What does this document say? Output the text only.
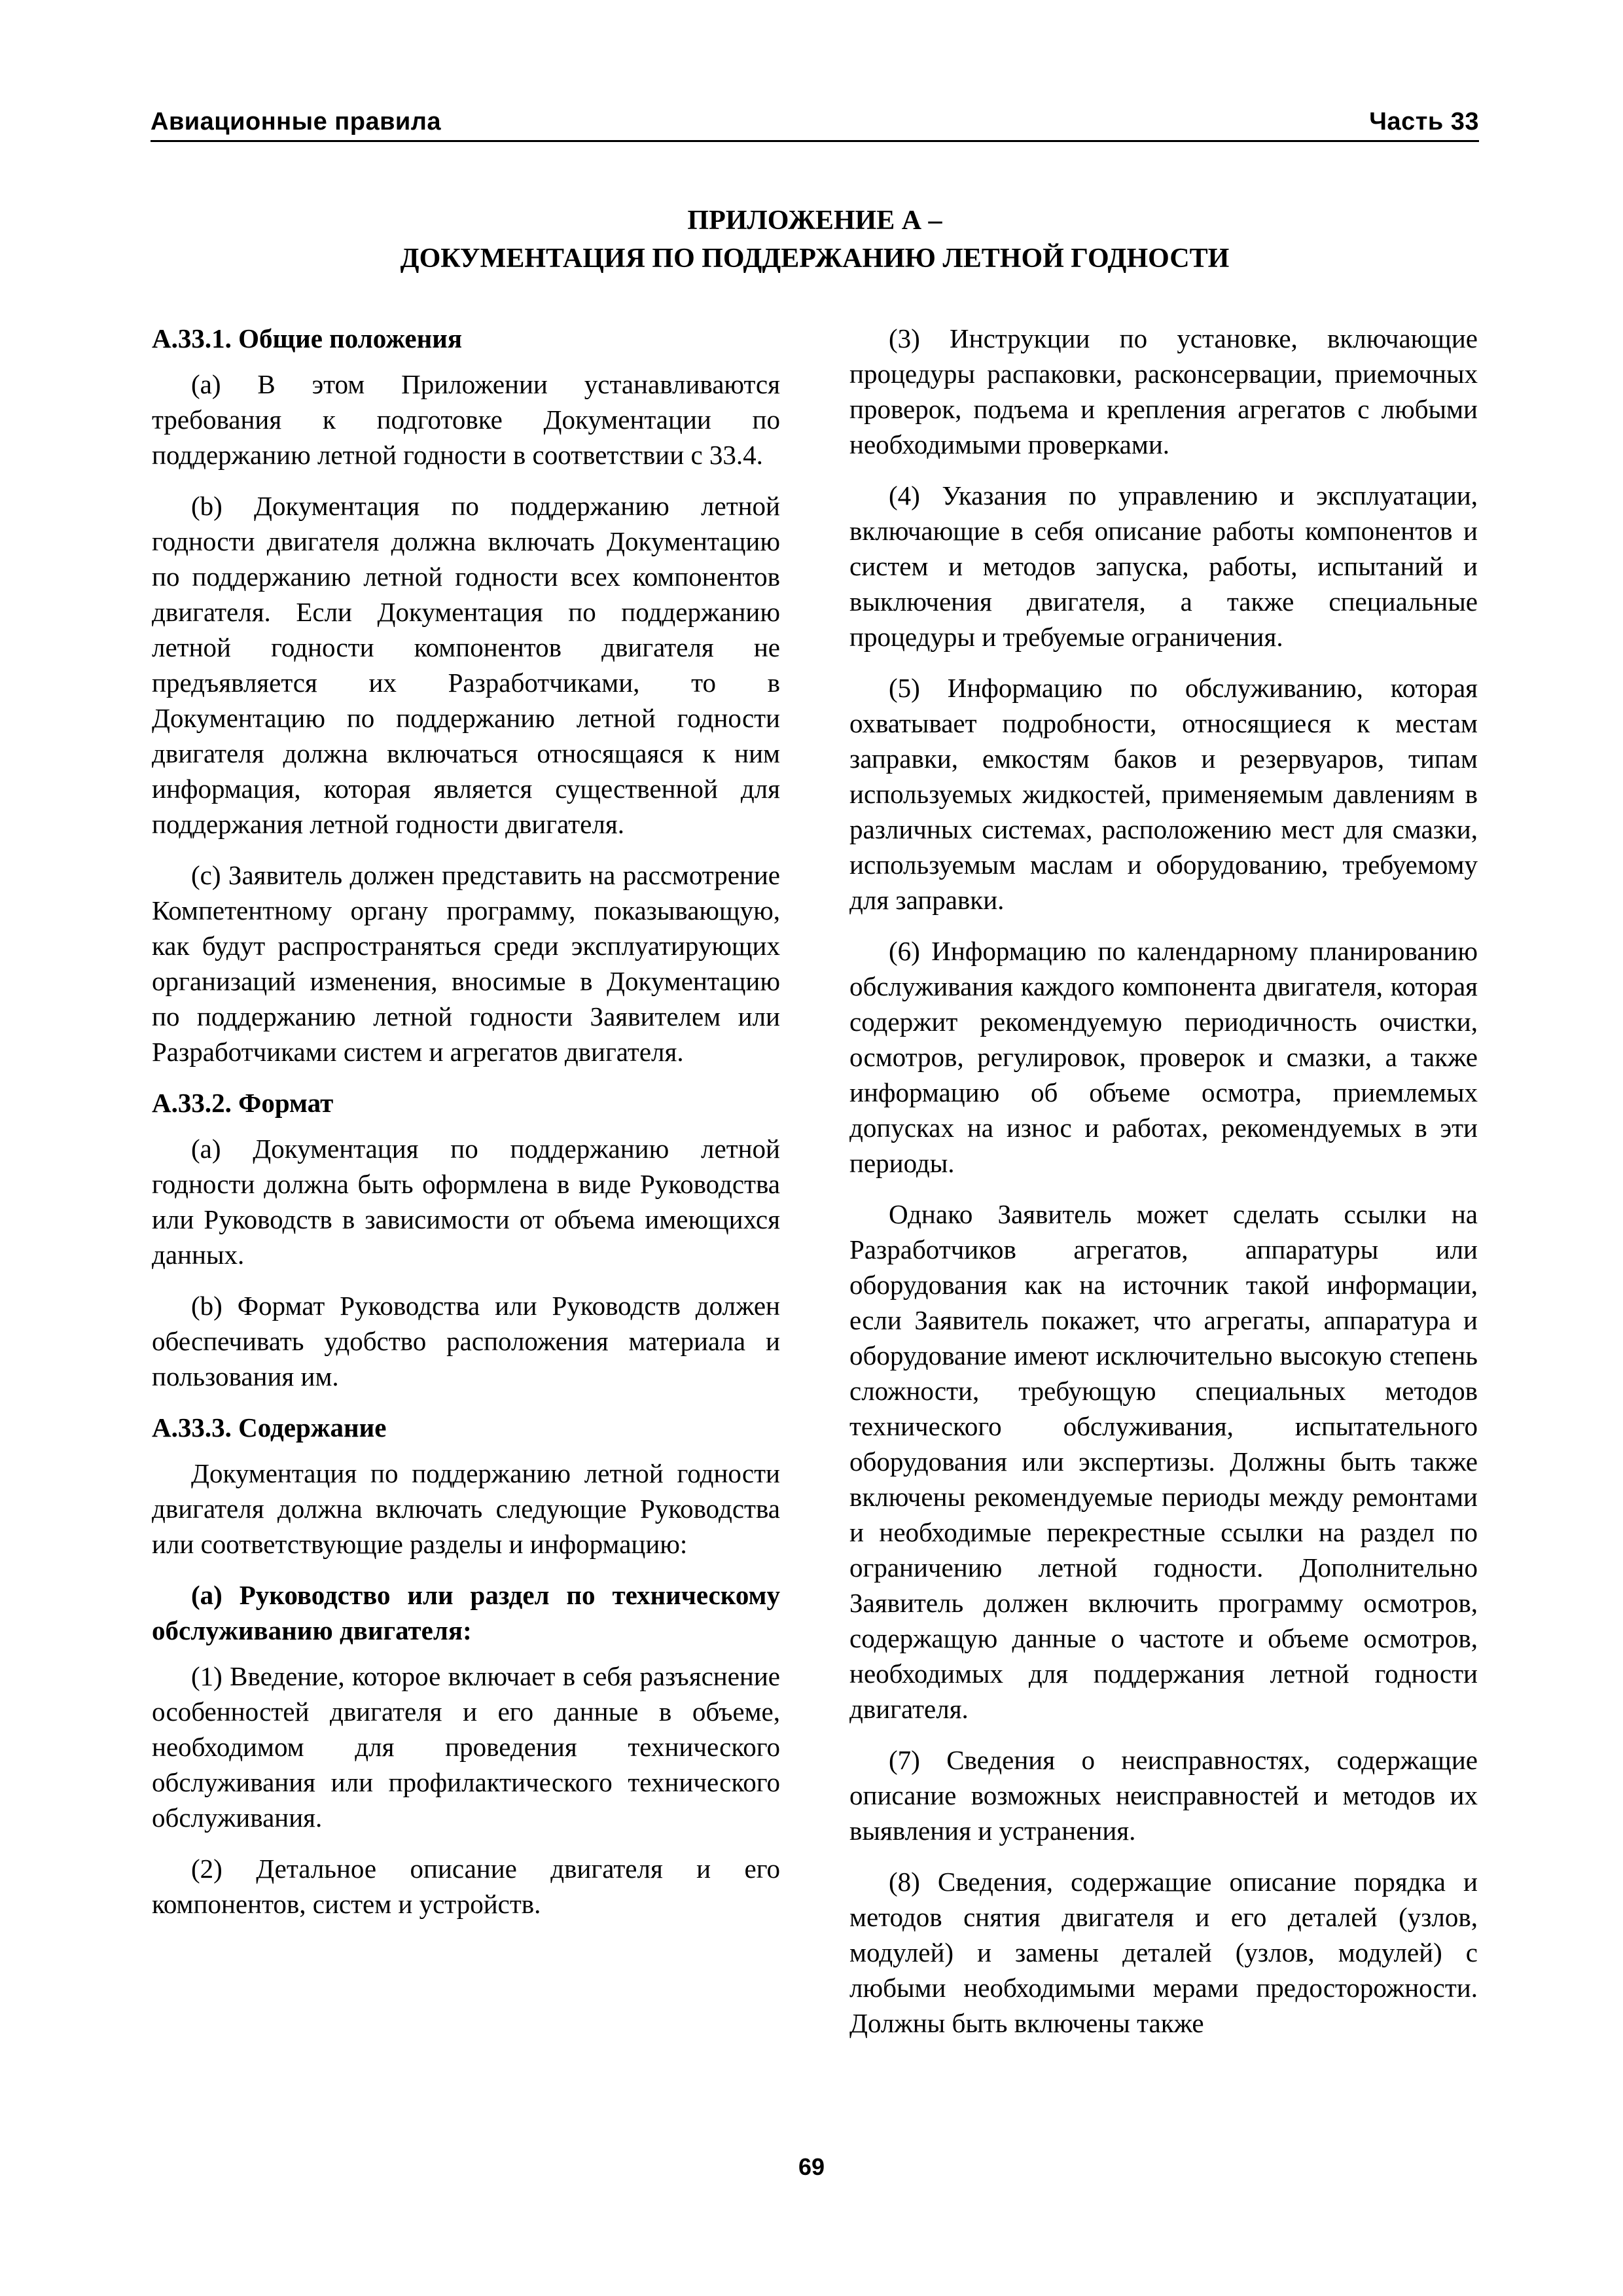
Авиационные правила	Часть 33
ПРИЛОЖЕНИЕ А –
ДОКУМЕНТАЦИЯ ПО ПОДДЕРЖАНИЮ ЛЕТНОЙ ГОДНОСТИ
А.33.1. Общие положения
(a) В этом Приложении устанавливаются требования к подготовке Документации по поддержанию летной годности в соответствии с 33.4.
(b) Документация по поддержанию летной годности двигателя должна включать Документацию по поддержанию летной годности всех компонентов двигателя. Если Документация по поддержанию летной годности компонентов двигателя не предъявляется их Разработчиками, то в Документацию по поддержанию летной годности двигателя должна включаться относящаяся к ним информация, которая является существенной для поддержания летной годности двигателя.
(c) Заявитель должен представить на рассмотрение Компетентному органу программу, показывающую, как будут распространяться среди эксплуатирующих организаций изменения, вносимые в Документацию по поддержанию летной годности Заявителем или Разработчиками систем и агрегатов двигателя.
А.33.2. Формат
(a) Документация по поддержанию летной годности должна быть оформлена в виде Руководства или Руководств в зависимости от объема имеющихся данных.
(b) Формат Руководства или Руководств должен обеспечивать удобство расположения материала и пользования им.
А.33.3. Содержание
Документация по поддержанию летной годности двигателя должна включать следующие Руководства или соответствующие разделы и информацию:
(a) Руководство или раздел по техническому обслуживанию двигателя:
(1) Введение, которое включает в себя разъяснение особенностей двигателя и его данные в объеме, необходимом для проведения технического обслуживания или профилактического технического обслуживания.
(2) Детальное описание двигателя и его компонентов, систем и устройств.
(3) Инструкции по установке, включающие процедуры распаковки, расконсервации, приемочных проверок, подъема и крепления агрегатов с любыми необходимыми проверками.
(4) Указания по управлению и эксплуатации, включающие в себя описание работы компонентов и систем и методов запуска, работы, испытаний и выключения двигателя, а также специальные процедуры и требуемые ограничения.
(5) Информацию по обслуживанию, которая охватывает подробности, относящиеся к местам заправки, емкостям баков и резервуаров, типам используемых жидкостей, применяемым давлениям в различных системах, расположению мест для смазки, используемым маслам и оборудованию, требуемому для заправки.
(6) Информацию по календарному планированию обслуживания каждого компонента двигателя, которая содержит рекомендуемую периодичность очистки, осмотров, регулировок, проверок и смазки, а также информацию об объеме осмотра, приемлемых допусках на износ и работах, рекомендуемых в эти периоды.
Однако Заявитель может сделать ссылки на Разработчиков агрегатов, аппаратуры или оборудования как на источник такой информации, если Заявитель покажет, что агрегаты, аппаратура и оборудование имеют исключительно высокую степень сложности, требующую специальных методов технического обслуживания, испытательного оборудования или экспертизы. Должны быть также включены рекомендуемые периоды между ремонтами и необходимые перекрестные ссылки на раздел по ограничению летной годности. Дополнительно Заявитель должен включить программу осмотров, содержащую данные о частоте и объеме осмотров, необходимых для поддержания летной годности двигателя.
(7) Сведения о неисправностях, содержащие описание возможных неисправностей и методов их выявления и устранения.
(8) Сведения, содержащие описание порядка и методов снятия двигателя и его деталей (узлов, модулей) и замены деталей (узлов, модулей) с любыми необходимыми мерами предосторожности. Должны быть включены также
69
